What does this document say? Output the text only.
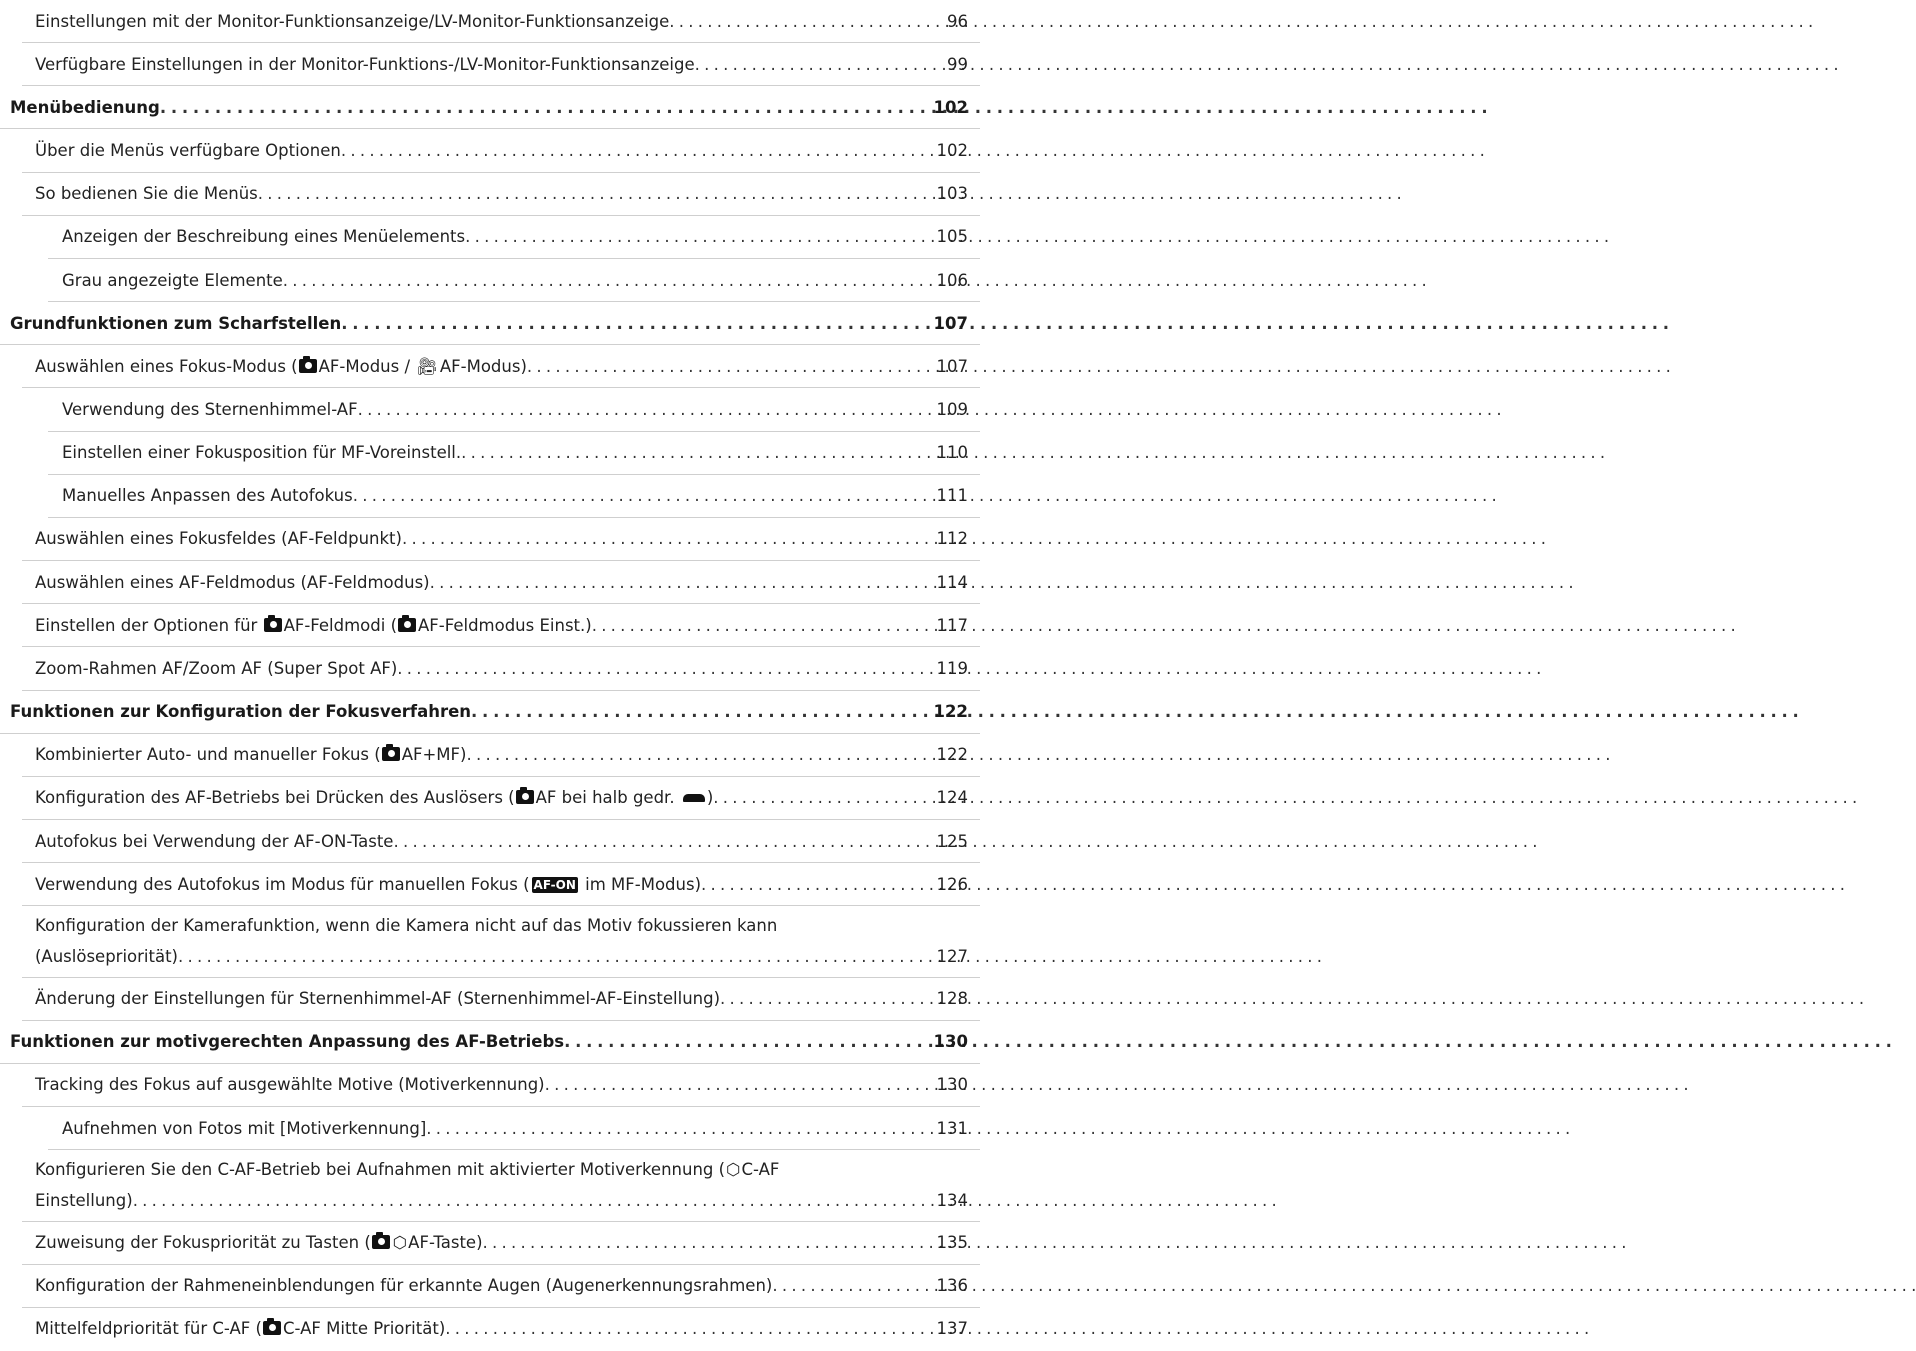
Einstellungen mit der Monitor-Funktionsanzeige/LV-Monitor-Funktionsanzeige . . .	96
Verfügbare Einstellungen in der Monitor-Funktions-/LV-Monitor-Funktionsanzeige . . .	99
Menübedienung . . .	102
Über die Menüs verfügbare Optionen . . .	102
So bedienen Sie die Menüs . . .	103
Anzeigen der Beschreibung eines Menüelements . . .	105
Grau angezeigte Elemente . . .	106
Grundfunktionen zum Scharfstellen . . .	107
Auswählen eines Fokus-Modus ( AF-Modus / 🎥︎ AF-Modus) . . .	107
Verwendung des Sternenhimmel-AF . . .	109
Einstellen einer Fokusposition für MF-Voreinstell. . . .	110
Manuelles Anpassen des Autofokus . . .	111
Auswählen eines Fokusfeldes (AF-Feldpunkt) . . .	112
Auswählen eines AF-Feldmodus (AF-Feldmodus) . . .	114
Einstellen der Optionen für AF-Feldmodi ( AF-Feldmodus Einst.) . . .	117
Zoom-Rahmen AF/Zoom AF (Super Spot AF) . . .	119
Funktionen zur Konfiguration der Fokusverfahren . . .	122
Kombinierter Auto- und manueller Fokus ( AF+MF) . . .	122
Konfiguration des AF-Betriebs bei Drücken des Auslösers ( AF bei halb gedr. ) . . .	124
Autofokus bei Verwendung der AF-ON-Taste . . .	125
Verwendung des Autofokus im Modus für manuellen Fokus ( AF-ON im MF-Modus) . . .	126
Konfiguration der Kamerafunktion, wenn die Kamera nicht auf das Motiv fokussieren kann
(Auslösepriorität) . . .	127
Änderung der Einstellungen für Sternenhimmel-AF (Sternenhimmel-AF-Einstellung) . . .	128
Funktionen zur motivgerechten Anpassung des AF-Betriebs . . .	130
Tracking des Fokus auf ausgewählte Motive (Motiverkennung) . . .	130
Aufnehmen von Fotos mit [Motiverkennung] . . .	131
Konfigurieren Sie den C-AF-Betrieb bei Aufnahmen mit aktivierter Motiverkennung (⬡C-AF
Einstellung) . . .	134
Zuweisung der Fokuspriorität zu Tasten ( ⬡AF-Taste) . . .	135
Konfiguration der Rahmeneinblendungen für erkannte Augen (Augenerkennungsrahmen) . . .	136
Mittelfeldpriorität für C-AF ( C-AF Mitte Priorität) . . .	137
